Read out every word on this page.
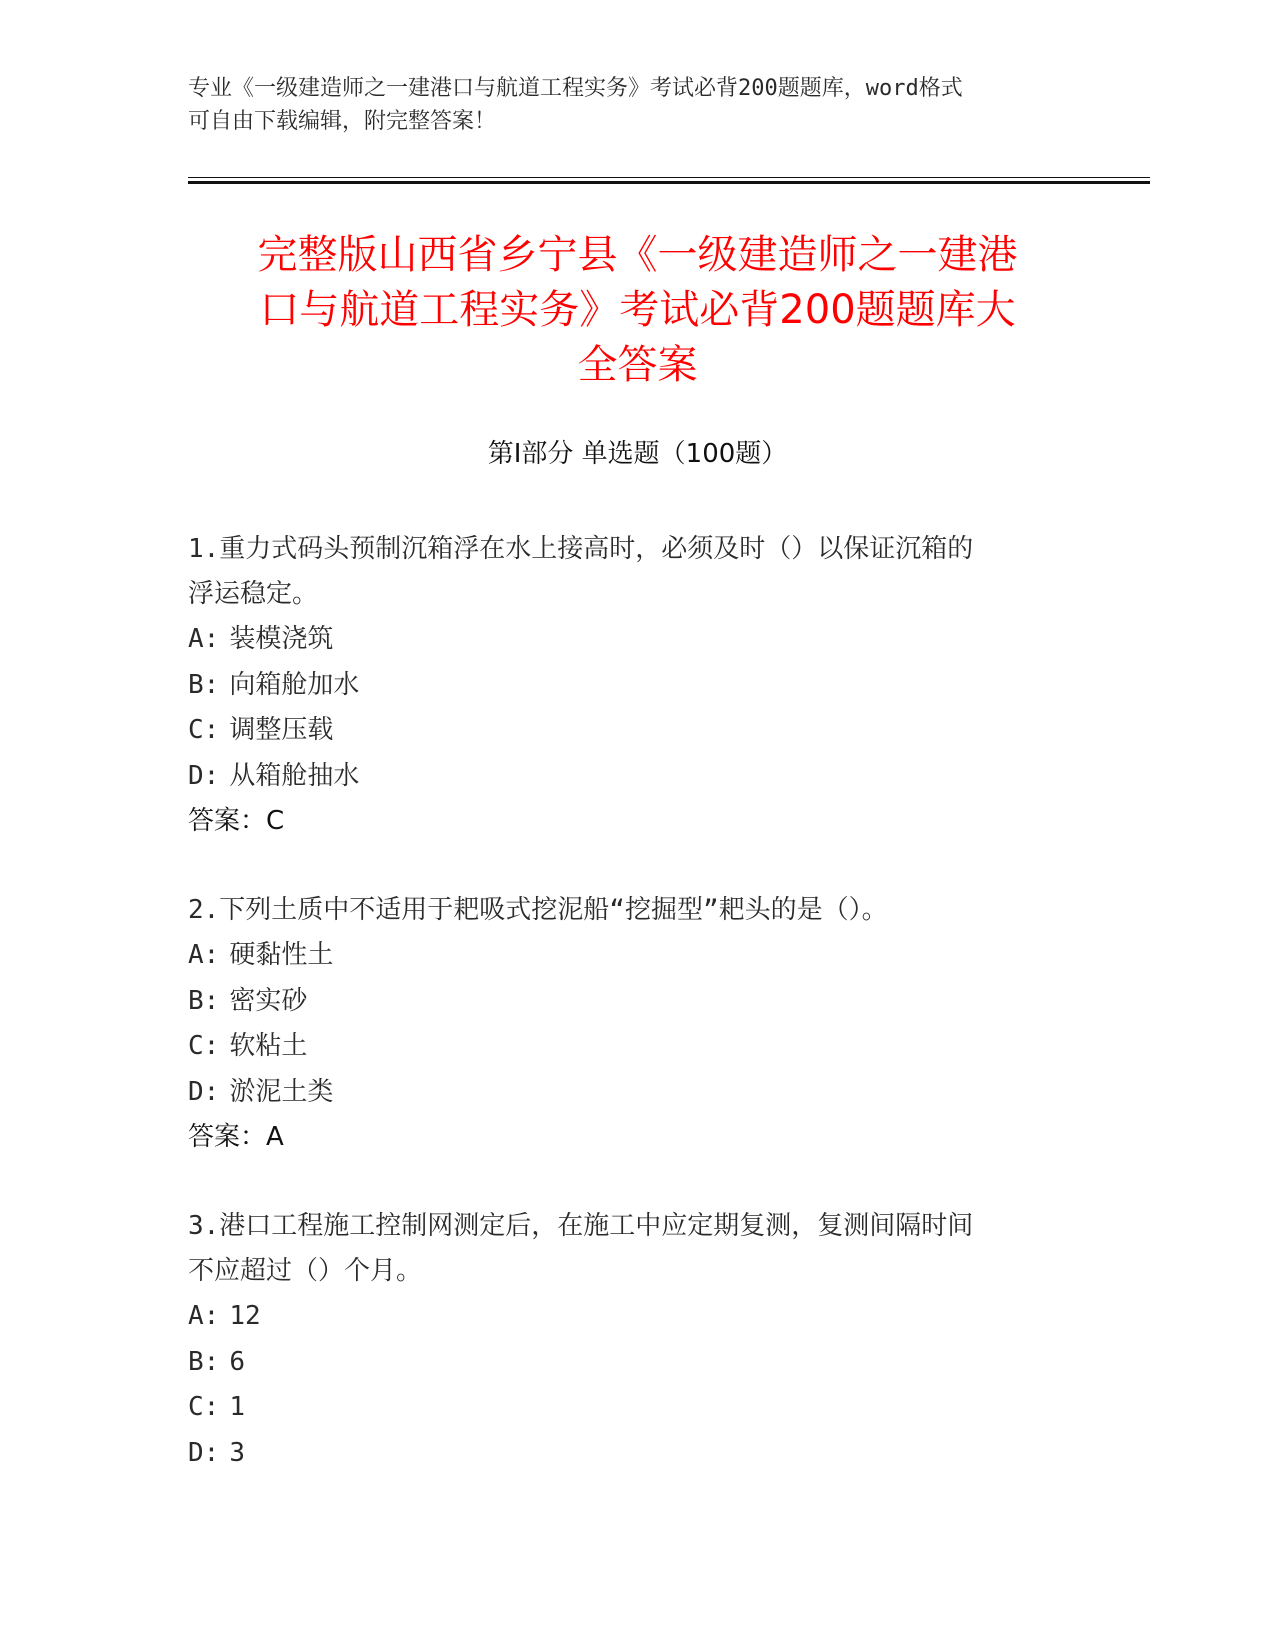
专业《一级建造师之一建港口与航道工程实务》考试必背200题题库，word格式
可自由下载编辑，附完整答案！
完整版山西省乡宁县《一级建造师之一建港
口与航道工程实务》考试必背200题题库大
全答案
第Ⅰ部分 单选题（100题）
1.重力式码头预制沉箱浮在水上接高时，必须及时（）以保证沉箱的
浮运稳定。
A: 装模浇筑
B: 向箱舱加水
C: 调整压载
D: 从箱舱抽水
答案：C
2.下列土质中不适用于耙吸式挖泥船“挖掘型”耙头的是（）。
A: 硬黏性土
B: 密实砂
C: 软粘土
D: 淤泥土类
答案：A
3.港口工程施工控制网测定后，在施工中应定期复测，复测间隔时间
不应超过（）个月。
A: 12
B: 6
C: 1
D: 3
